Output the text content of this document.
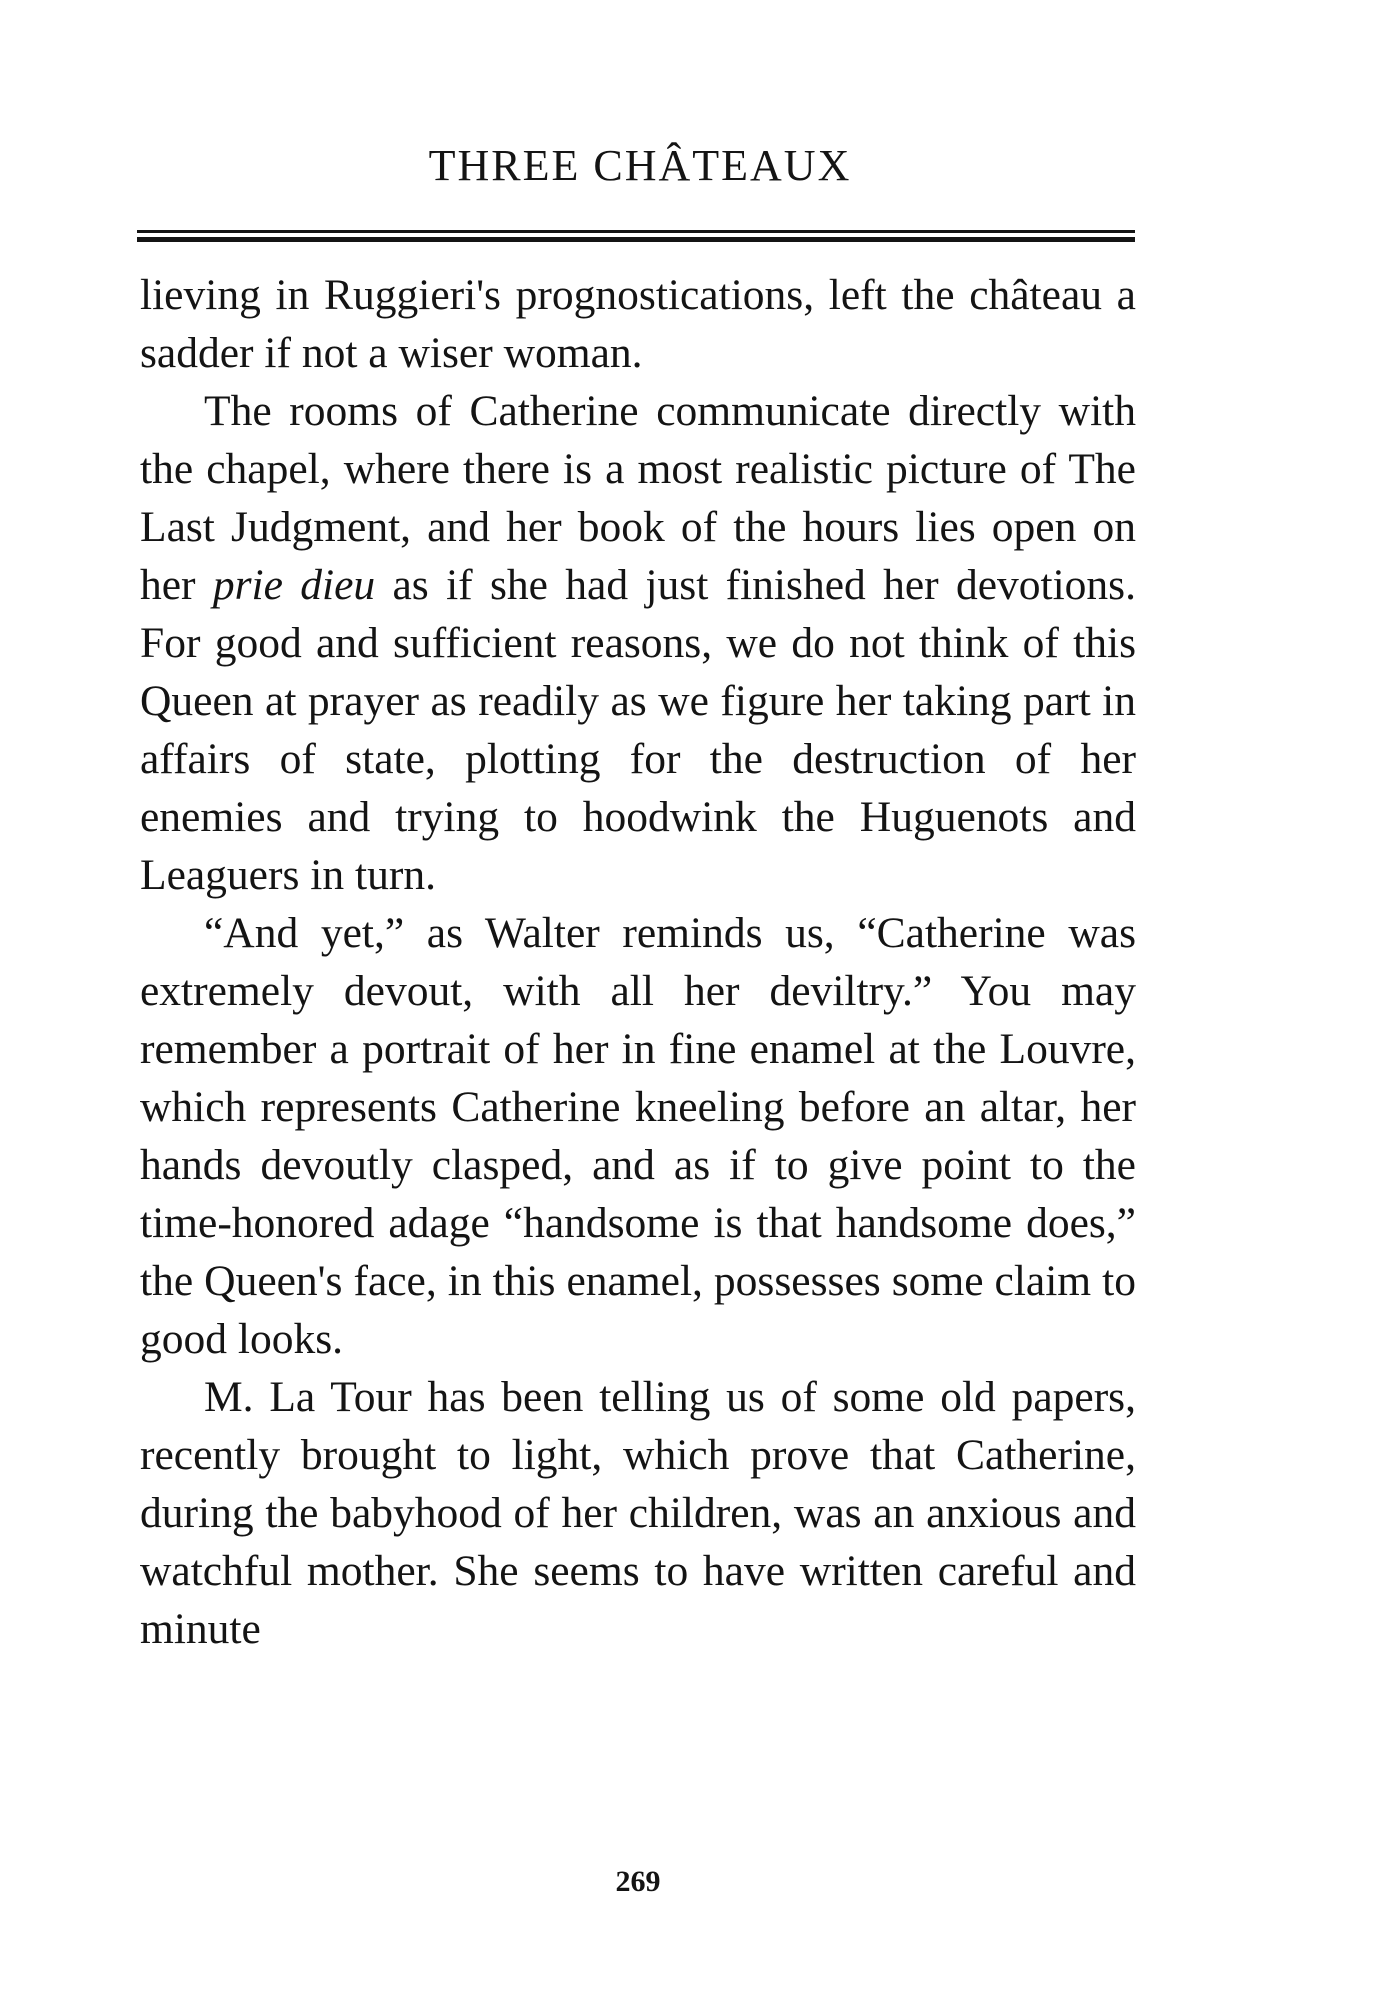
THREE CHÂTEAUX

lieving in Ruggieri's prognostications, left the château a sadder if not a wiser woman.

The rooms of Catherine communicate directly with the chapel, where there is a most realistic picture of The Last Judgment, and her book of the hours lies open on her prie dieu as if she had just finished her devotions. For good and sufficient reasons, we do not think of this Queen at prayer as readily as we figure her taking part in affairs of state, plotting for the destruction of her enemies and trying to hoodwink the Huguenots and Leaguers in turn.

“And yet,” as Walter reminds us, “Catherine was extremely devout, with all her deviltry.” You may remember a portrait of her in fine enamel at the Louvre, which represents Catherine kneeling before an altar, her hands devoutly clasped, and as if to give point to the time-honored adage “handsome is that handsome does,” the Queen's face, in this enamel, possesses some claim to good looks.

M. La Tour has been telling us of some old papers, recently brought to light, which prove that Catherine, during the babyhood of her children, was an anxious and watchful mother. She seems to have written careful and minute

269
